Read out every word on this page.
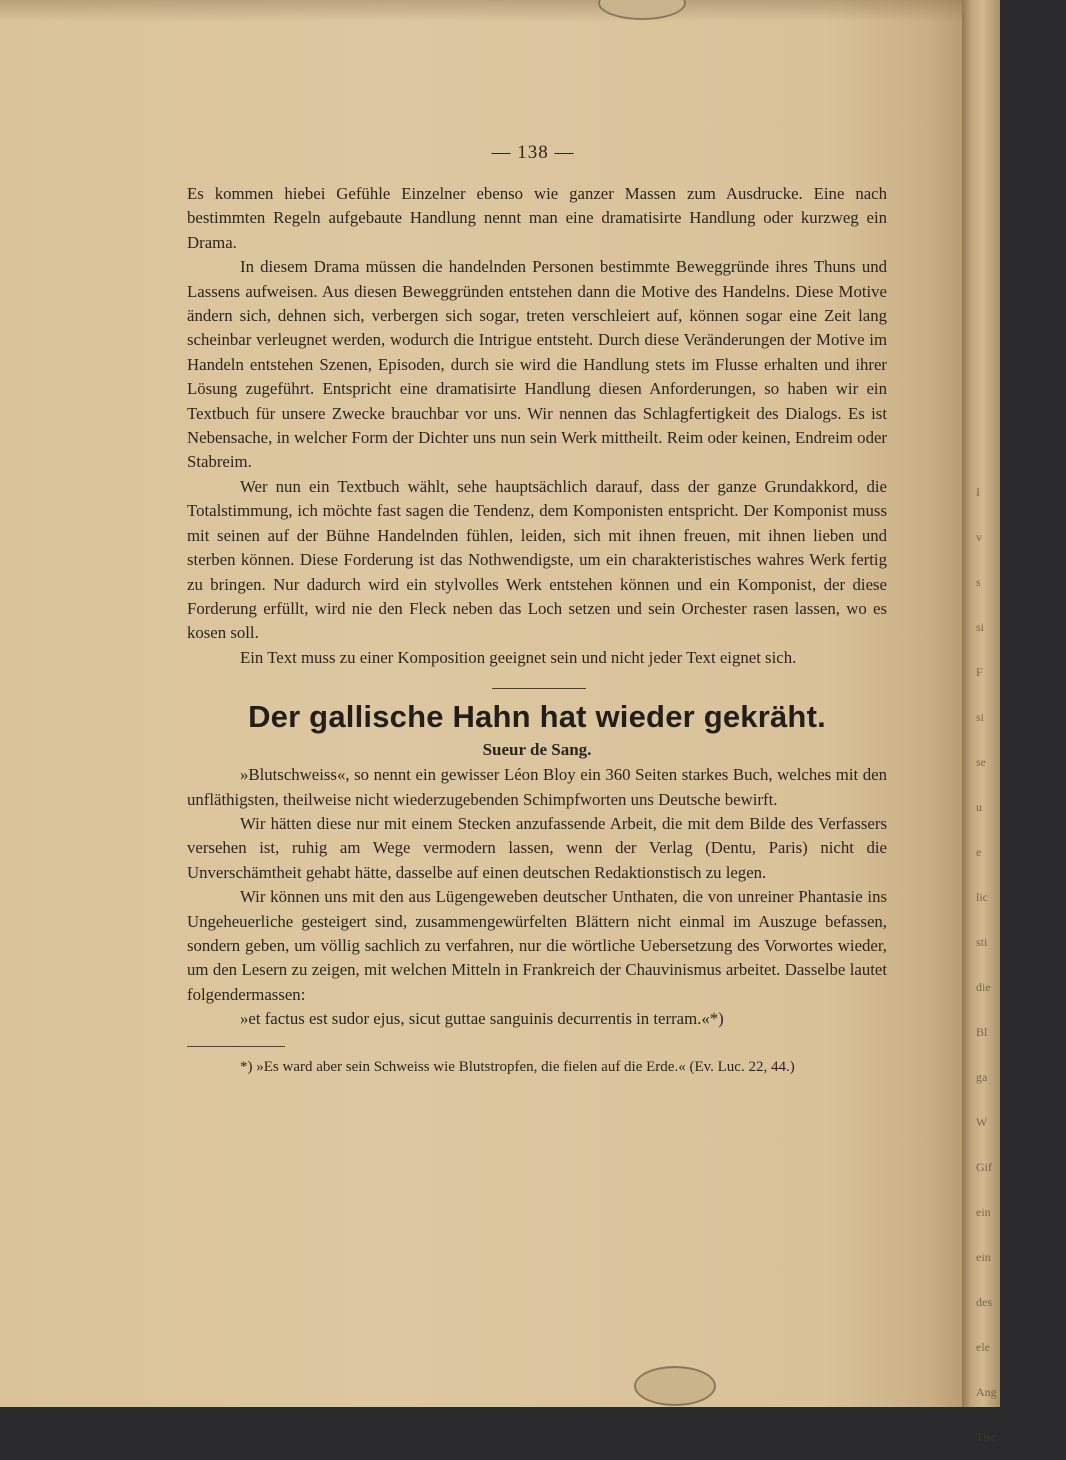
— 138 —

Es kommen hiebei Gefühle Einzelner ebenso wie ganzer Massen zum Ausdrucke. Eine nach bestimmten Regeln aufgebaute Handlung nennt man eine dramatisirte Handlung oder kurzweg ein Drama.

In diesem Drama müssen die handelnden Personen bestimmte Beweggründe ihres Thuns und Lassens aufweisen. Aus diesen Beweggründen entstehen dann die Motive des Handelns. Diese Motive ändern sich, dehnen sich, verbergen sich sogar, treten verschleiert auf, können sogar eine Zeit lang scheinbar verleugnet werden, wodurch die Intrigue entsteht. Durch diese Veränderungen der Motive im Handeln entstehen Szenen, Episoden, durch sie wird die Handlung stets im Flusse erhalten und ihrer Lösung zugeführt. Entspricht eine dramatisirte Handlung diesen Anforderungen, so haben wir ein Textbuch für unsere Zwecke brauchbar vor uns. Wir nennen das Schlagfertigkeit des Dialogs. Es ist Nebensache, in welcher Form der Dichter uns nun sein Werk mittheilt. Reim oder keinen, Endreim oder Stabreim.

Wer nun ein Textbuch wählt, sehe hauptsächlich darauf, dass der ganze Grundakkord, die Totalstimmung, ich möchte fast sagen die Tendenz, dem Komponisten entspricht. Der Komponist muss mit seinen auf der Bühne Handelnden fühlen, leiden, sich mit ihnen freuen, mit ihnen lieben und sterben können. Diese Forderung ist das Nothwendigste, um ein charakteristisches wahres Werk fertig zu bringen. Nur dadurch wird ein stylvolles Werk entstehen können und ein Komponist, der diese Forderung erfüllt, wird nie den Fleck neben das Loch setzen und sein Orchester rasen lassen, wo es kosen soll.

Ein Text muss zu einer Komposition geeignet sein und nicht jeder Text eignet sich.

Der gallische Hahn hat wieder gekräht.
Sueur de Sang.

»Blutschweiss«, so nennt ein gewisser Léon Bloy ein 360 Seiten starkes Buch, welches mit den unfläthigsten, theilweise nicht wiederzugebenden Schimpfworten uns Deutsche bewirft.

Wir hätten diese nur mit einem Stecken anzufassende Arbeit, die mit dem Bilde des Verfassers versehen ist, ruhig am Wege vermodern lassen, wenn der Verlag (Dentu, Paris) nicht die Unverschämtheit gehabt hätte, dasselbe auf einen deutschen Redaktionstisch zu legen.

Wir können uns mit den aus Lügengeweben deutscher Unthaten, die von unreiner Phantasie ins Ungeheuerliche gesteigert sind, zusammengewürfelten Blättern nicht einmal im Auszuge befassen, sondern geben, um völlig sachlich zu verfahren, nur die wörtliche Uebersetzung des Vorwortes wieder, um den Lesern zu zeigen, mit welchen Mitteln in Frankreich der Chauvinismus arbeitet. Dasselbe lautet folgendermassen:

»et factus est sudor ejus, sicut guttae sanguinis decurrentis in terram.«*)

*) »Es ward aber sein Schweiss wie Blutstropfen, die fielen auf die Erde.« (Ev. Luc. 22, 44.)

I
v
s
si
F
si
se
u
e
lic
sti
die
Bl
ga
W
Gif
ein
ein
des
ele
Ang
Tisc
